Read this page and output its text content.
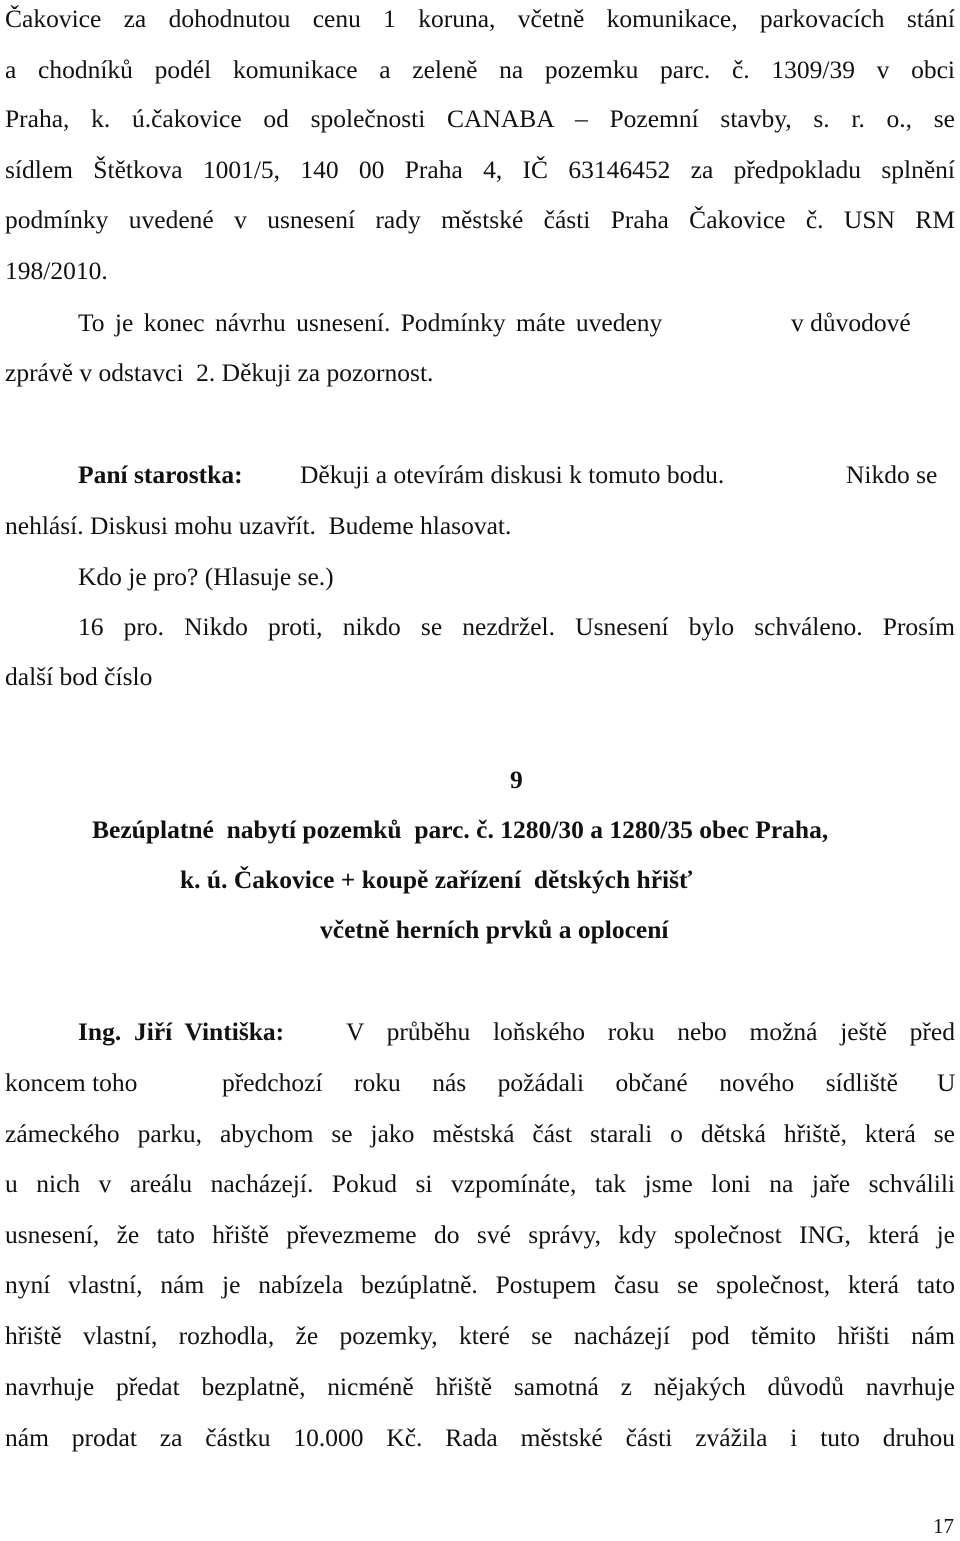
Čakovice za dohodnutou cenu 1 koruna, včetně komunikace, parkovacích stání
a chodníků podél komunikace a zeleně na pozemku parc. č. 1309/39 v obci
Praha, k. ú.čakovice od společnosti CANABA – Pozemní stavby, s. r. o., se
sídlem Štětkova 1001/5, 140 00 Praha 4, IČ 63146452 za předpokladu splnění
podmínky uvedené v usnesení rady městské části Praha Čakovice č. USN RM
198/2010.
To je konec návrhu usnesení. Podmínky máte uvedeny	v důvodové
zprávě v odstavci  2. Děkuji za pozornost.
Paní starostka: Děkuji a otevírám diskusi k tomuto bodu.	Nikdo se
nehlásí. Diskusi mohu uzavřít.  Budeme hlasovat.
Kdo je pro? (Hlasuje se.)
16 pro. Nikdo proti, nikdo se nezdržel. Usnesení bylo schváleno. Prosím
další bod číslo
9
Bezúplatné  nabytí pozemků  parc. č. 1280/30 a 1280/35 obec Praha,
k. ú. Čakovice + koupě zařízení  dětských hřišť
včetně herních prvků a oplocení
Ing.  Jiří  Vintiška: V průběhu loňského roku nebo možná ještě před
koncem toho	předchozí roku nás požádali občané nového sídliště U
zámeckého parku, abychom se jako městská část starali o dětská hřiště, která se
u nich v areálu nacházejí. Pokud si vzpomínáte, tak jsme loni na jaře schválili
usnesení, že tato hřiště převezmeme do své správy, kdy společnost ING, která je
nyní vlastní, nám je nabízela bezúplatně. Postupem času se společnost, která tato
hřiště vlastní, rozhodla, že pozemky, které se nacházejí pod těmito hřišti nám
navrhuje předat bezplatně, nicméně hřiště samotná z nějakých důvodů navrhuje
nám prodat za částku 10.000 Kč. Rada městské části zvážila i tuto druhou
17
